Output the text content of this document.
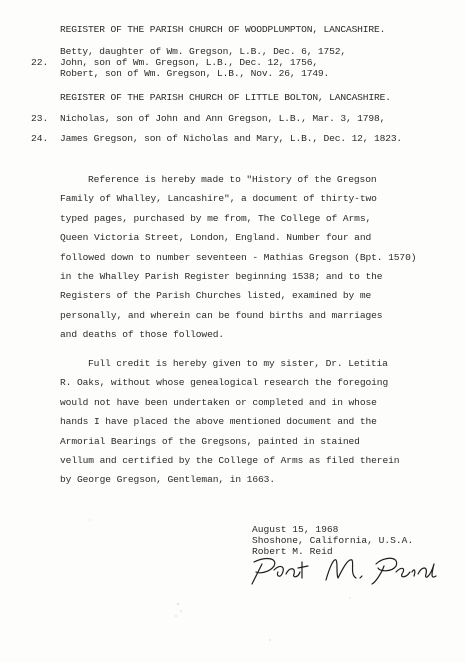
REGISTER OF THE PARISH CHURCH OF WOODPLUMPTON, LANCASHIRE.
Betty, daughter of Wm. Gregson, L.B., Dec. 6, 1752,
22. John, son of Wm. Gregson, L.B., Dec. 12, 1756,
Robert, son of Wm. Gregson, L.B., Nov. 26, 1749.
REGISTER OF THE PARISH CHURCH OF LITTLE BOLTON, LANCASHIRE.
23. Nicholas, son of John and Ann Gregson, L.B., Mar. 3, 1798,
24. James Gregson, son of Nicholas and Mary, L.B., Dec. 12, 1823.
Reference is hereby made to "History of the Gregson
Family of Whalley, Lancashire", a document of thirty-two
typed pages, purchased by me from, The College of Arms,
Queen Victoria Street, London, England. Number four and
followed down to number seventeen - Mathias Gregson (Bpt. 1570)
in the Whalley Parish Register beginning 1538; and to the
Registers of the Parish Churches listed, examined by me
personally, and wherein can be found births and marriages
and deaths of those followed.
Full credit is hereby given to my sister, Dr. Letitia
R. Oaks, without whose genealogical research the foregoing
would not have been undertaken or completed and in whose
hands I have placed the above mentioned document and the
Armorial Bearings of the Gregsons, painted in stained
vellum and certified by the College of Arms as filed therein
by George Gregson, Gentleman, in 1663.
August 15, 1968
Shoshone, California, U.S.A.
Robert M. Reid
